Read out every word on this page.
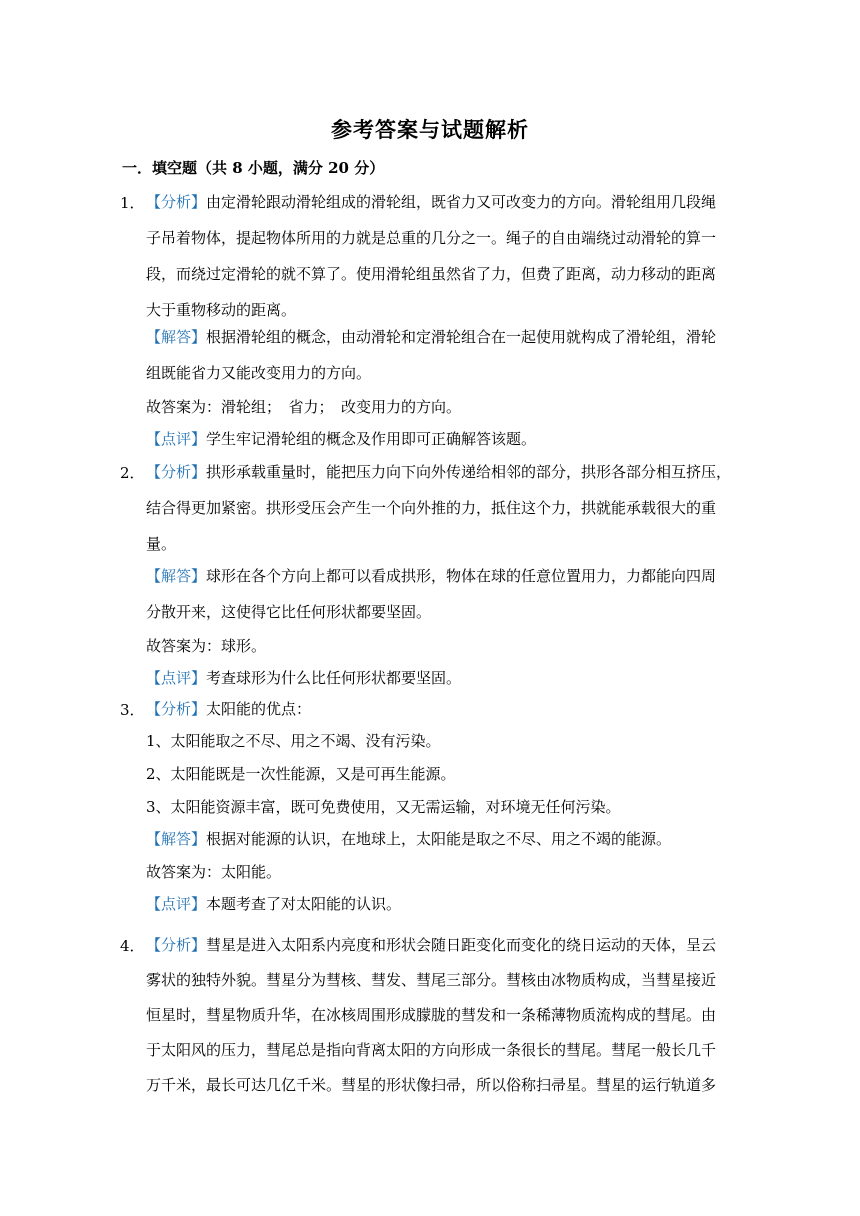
参考答案与试题解析
一．填空题（共 8 小题，满分 20 分）
1． 【分析】由定滑轮跟动滑轮组成的滑轮组，既省力又可改变力的方向。滑轮组用几段绳
子吊着物体，提起物体所用的力就是总重的几分之一。绳子的自由端绕过动滑轮的算一
段，而绕过定滑轮的就不算了。使用滑轮组虽然省了力，但费了距离，动力移动的距离
大于重物移动的距离。
【解答】根据滑轮组的概念，由动滑轮和定滑轮组合在一起使用就构成了滑轮组，滑轮
组既能省力又能改变用力的方向。
故答案为：滑轮组；　省力；　改变用力的方向。
【点评】学生牢记滑轮组的概念及作用即可正确解答该题。
2． 【分析】拱形承载重量时，能把压力向下向外传递给相邻的部分，拱形各部分相互挤压，
结合得更加紧密。拱形受压会产生一个向外推的力，抵住这个力，拱就能承载很大的重
量。
【解答】球形在各个方向上都可以看成拱形，物体在球的任意位置用力，力都能向四周
分散开来，这使得它比任何形状都要坚固。
故答案为：球形。
【点评】考查球形为什么比任何形状都要坚固。
3． 【分析】太阳能的优点：
1、太阳能取之不尽、用之不竭、没有污染。
2、太阳能既是一次性能源，又是可再生能源。
3、太阳能资源丰富，既可免费使用，又无需运输，对环境无任何污染。
【解答】根据对能源的认识，在地球上，太阳能是取之不尽、用之不竭的能源。
故答案为：太阳能。
【点评】本题考查了对太阳能的认识。
4． 【分析】彗星是进入太阳系内亮度和形状会随日距变化而变化的绕日运动的天体，呈云
雾状的独特外貌。彗星分为彗核、彗发、彗尾三部分。彗核由冰物质构成，当彗星接近
恒星时，彗星物质升华，在冰核周围形成朦胧的彗发和一条稀薄物质流构成的彗尾。由
于太阳风的压力，彗尾总是指向背离太阳的方向形成一条很长的彗尾。彗尾一般长几千
万千米，最长可达几亿千米。彗星的形状像扫帚，所以俗称扫帚星。彗星的运行轨道多
